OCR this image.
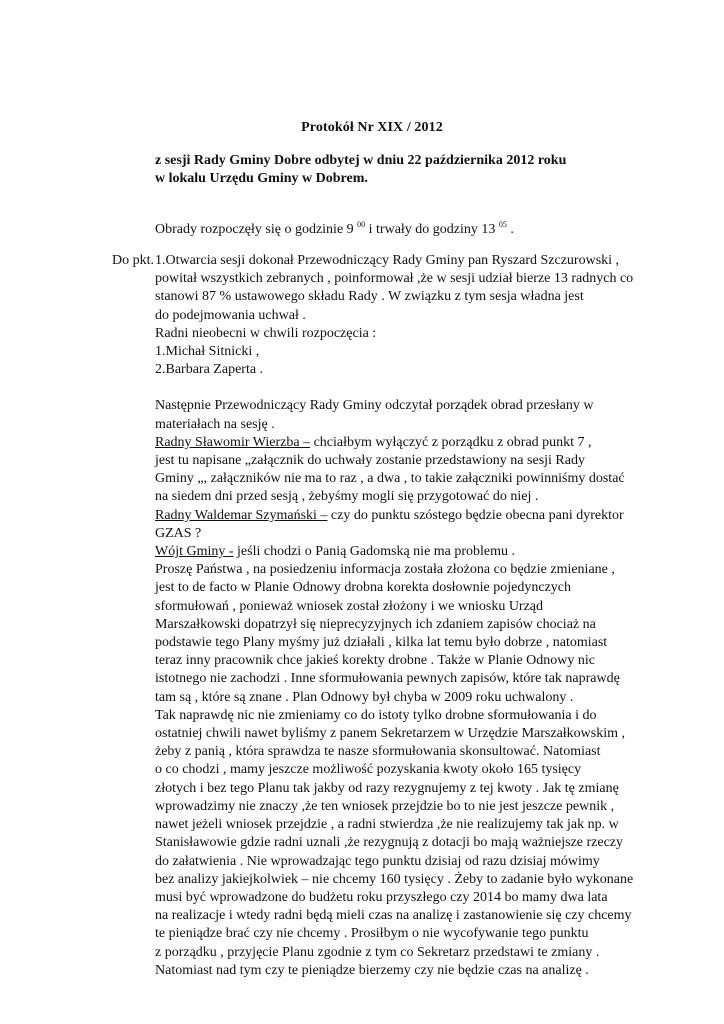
Protokół Nr XIX / 2012
z sesji Rady Gminy Dobre odbytej w dniu 22 października 2012 roku
w lokalu Urzędu Gminy w Dobrem.
Obrady rozpoczęły się o godzinie 9 $^{00}$ i trwały do godziny 13 $^{05}$ .
Do pkt. 1.Otwarcia sesji dokonał Przewodniczący Rady Gminy pan Ryszard Szczurowski ,
powitał wszystkich zebranych , poinformował ,że w sesji udział bierze 13 radnych co
stanowi 87 % ustawowego składu Rady . W związku z tym sesja władna jest
do podejmowania uchwał .
Radni nieobecni w chwili rozpoczęcia :
1.Michał Sitnicki ,
2.Barbara Zaperta .
Następnie Przewodniczący Rady Gminy odczytał porządek obrad przesłany w
materiałach na sesję .
Radny Sławomir Wierzba – chciałbym wyłączyć z porządku z obrad punkt 7 ,
jest tu napisane „załącznik do uchwały zostanie przedstawiony na sesji Rady
Gminy „, załączników nie ma to raz , a dwa , to takie załączniki powinniśmy dostać
na siedem dni przed sesją , żebyśmy mogli się przygotować do niej .
Radny Waldemar Szymański – czy do punktu szóstego będzie obecna pani dyrektor
GZAS ?
Wójt Gminy - jeśli chodzi o Panią Gadomską nie ma problemu .
Proszę Państwa , na posiedzeniu informacja została złożona co będzie zmieniane ,
jest to de facto w Planie Odnowy drobna korekta dosłownie pojedynczych
sformułowań , ponieważ wniosek został złożony i we wniosku Urząd
Marszałkowski dopatrzył się nieprecyzyjnych ich zdaniem zapisów chociaż na
podstawie tego Plany myśmy już działali , kilka lat temu było dobrze , natomiast
teraz inny pracownik chce jakieś korekty drobne . Także w Planie Odnowy nic
istotnego nie zachodzi . Inne sformułowania pewnych zapisów, które tak naprawdę
tam są , które są znane . Plan Odnowy był chyba w 2009 roku uchwalony .
Tak naprawdę nic nie zmieniamy co do istoty tylko drobne sformułowania i do
ostatniej chwili nawet byliśmy z panem Sekretarzem w Urzędzie Marszałkowskim ,
żeby z panią , która sprawdza te nasze sformułowania skonsultować. Natomiast
o co chodzi , mamy jeszcze możliwość pozyskania kwoty około 165 tysięcy
złotych i bez tego Planu tak jakby od razy rezygnujemy z tej kwoty . Jak tę zmianę
wprowadzimy nie znaczy ,że ten wniosek przejdzie bo to nie jest jeszcze pewnik ,
nawet jeżeli wniosek przejdzie , a radni stwierdza ,że nie realizujemy tak jak np. w
Stanisławowie gdzie radni uznali ,że rezygnują z dotacji bo mają ważniejsze rzeczy
do załatwienia . Nie wprowadzając tego punktu dzisiaj od razu dzisiaj mówimy
bez analizy jakiejkolwiek – nie chcemy 160 tysięcy . Żeby to zadanie było wykonane
musi być wprowadzone do budżetu roku przyszłego czy 2014 bo mamy dwa lata
na realizacje i wtedy radni będą mieli czas na analizę i zastanowienie się czy chcemy
te pieniądze brać czy nie chcemy . Prosiłbym o nie wycofywanie tego punktu
z porządku , przyjęcie Planu zgodnie z tym co Sekretarz przedstawi te zmiany .
Natomiast nad tym czy te pieniądze bierzemy czy nie będzie czas na analizę .
